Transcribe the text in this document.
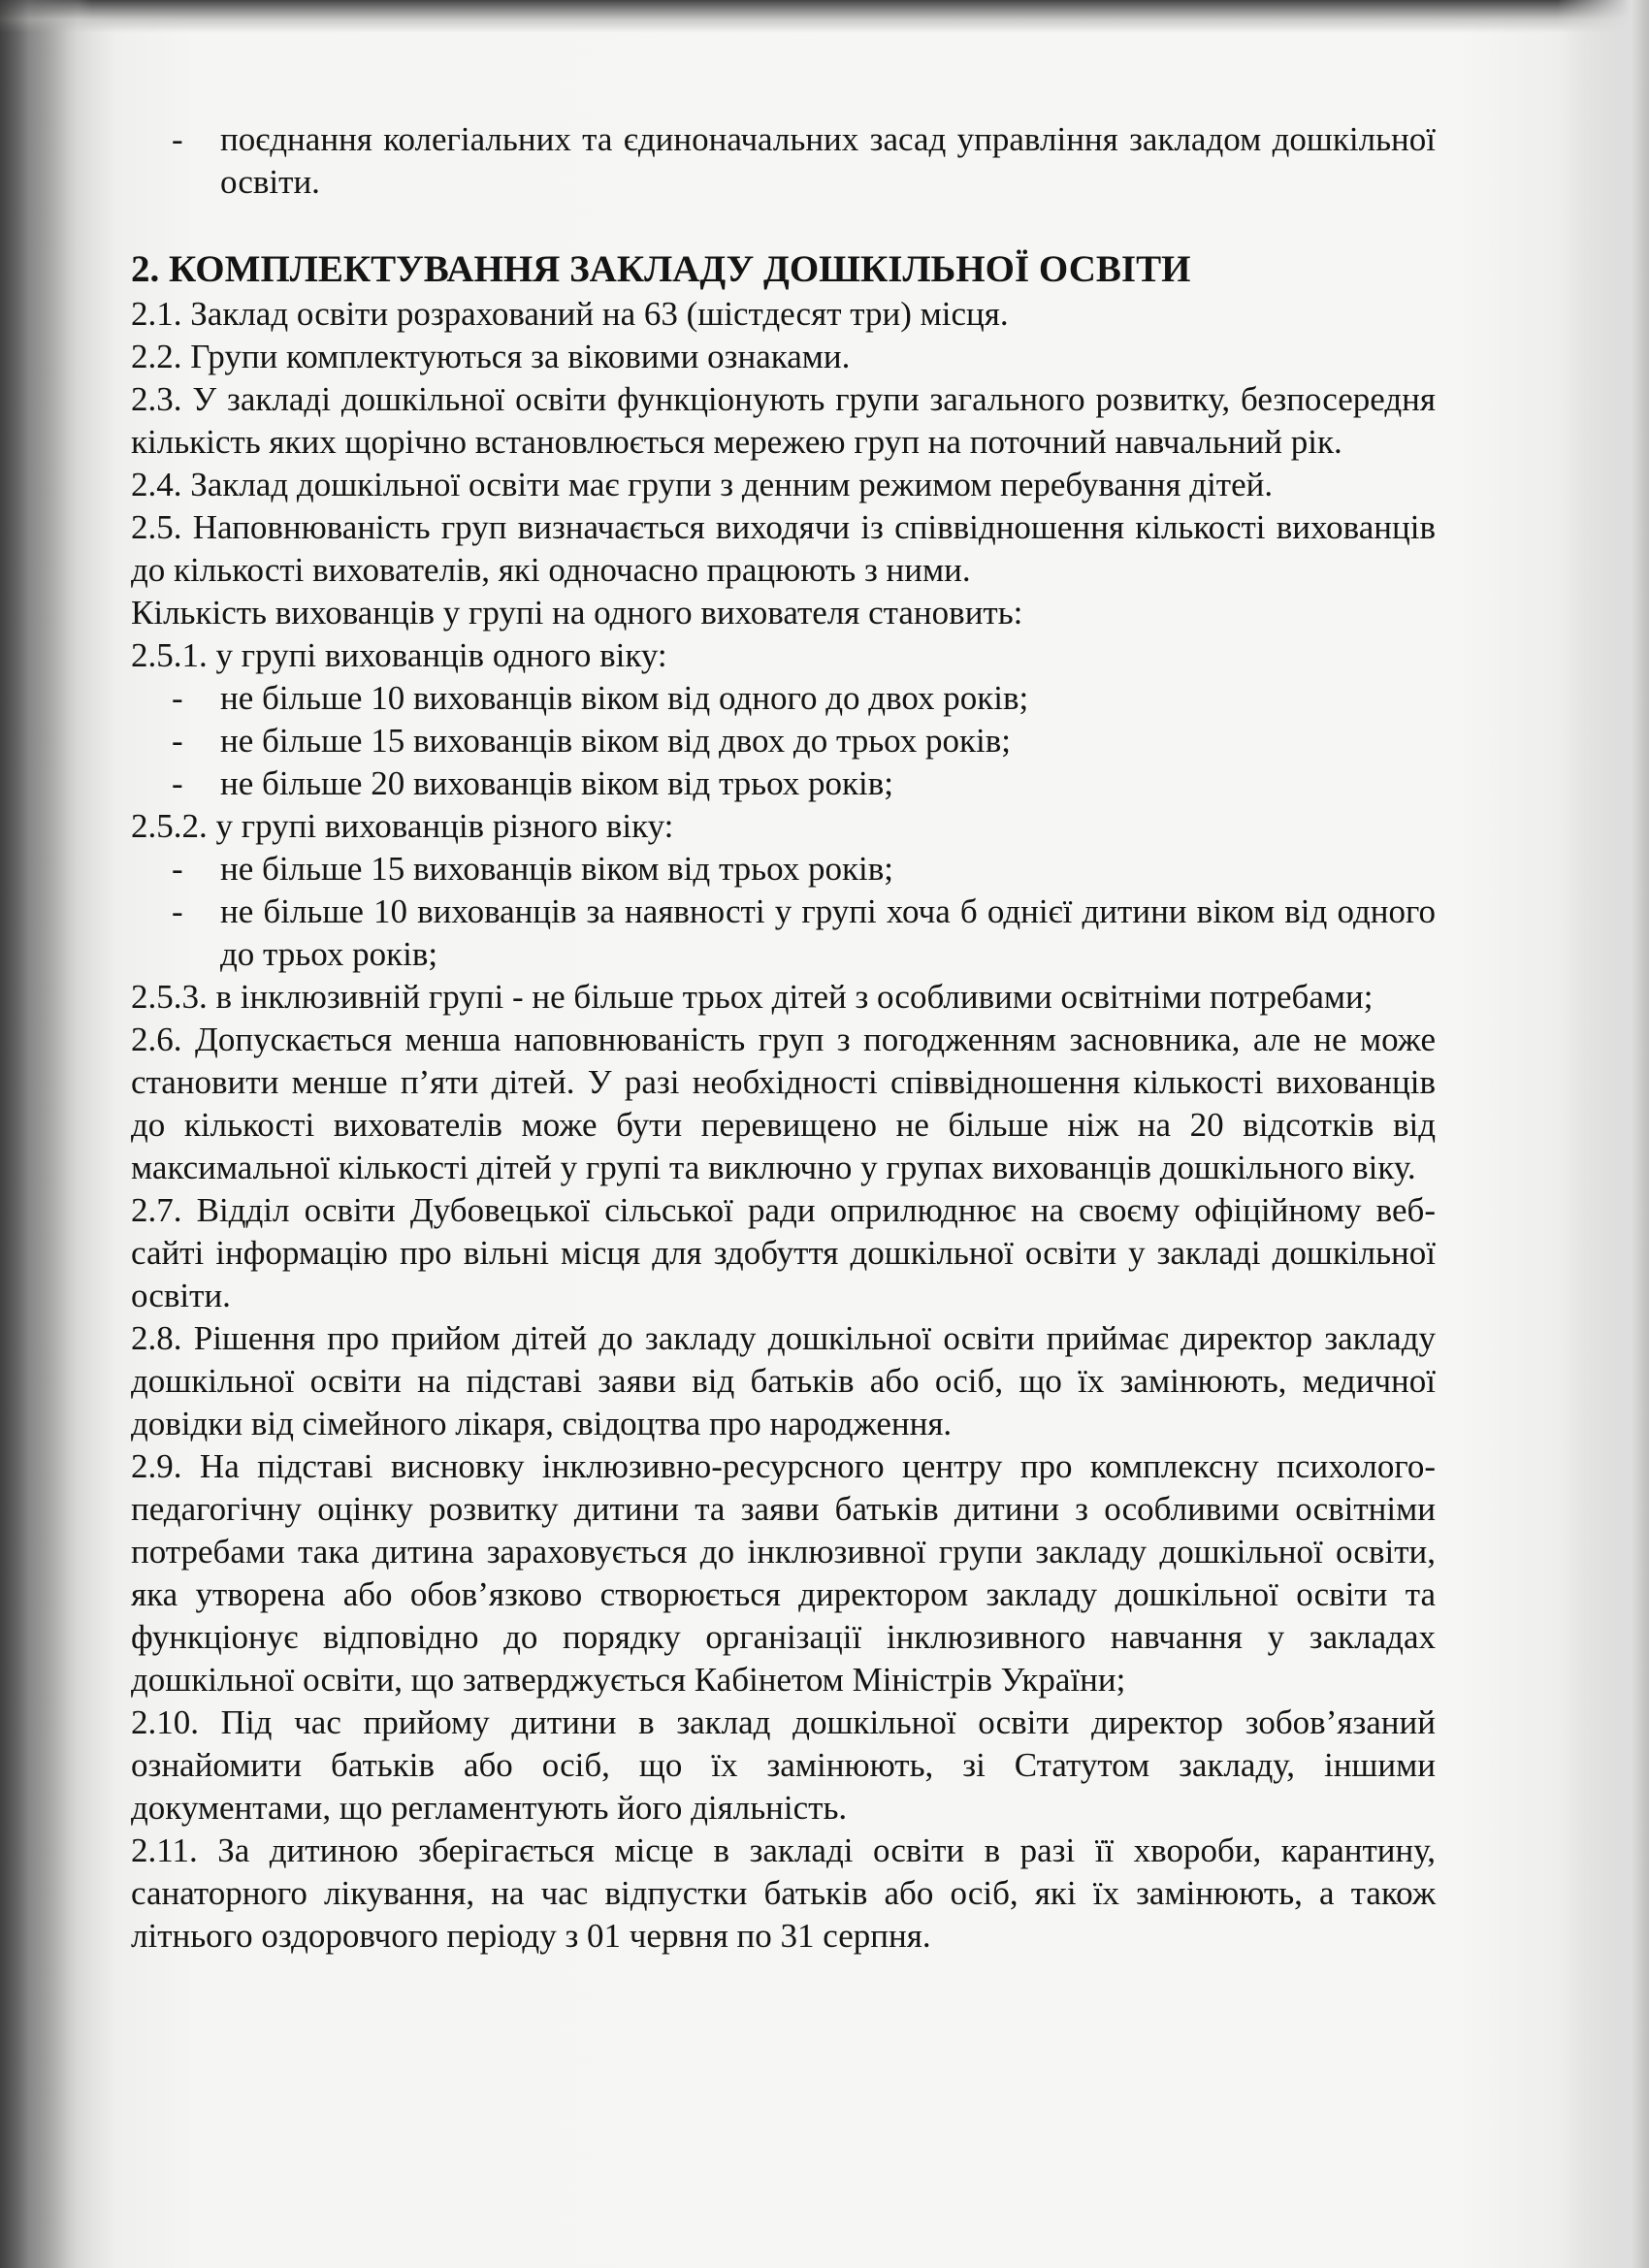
- поєднання колегіальних та єдиноначальних засад управління закладом дошкільної освіти.

2. КОМПЛЕКТУВАННЯ ЗАКЛАДУ ДОШКІЛЬНОЇ ОСВІТИ

2.1. Заклад освіти розрахований на 63 (шістдесят три) місця.

2.2. Групи комплектуються за віковими ознаками.

2.3. У закладі дошкільної освіти функціонують групи загального розвитку, безпосередня кількість яких щорічно встановлюється мережею груп на поточний навчальний рік.

2.4. Заклад дошкільної освіти має групи з денним режимом перебування дітей.

2.5. Наповнюваність груп визначається виходячи із співвідношення кількості вихованців до кількості вихователів, які одночасно працюють з ними.

Кількість вихованців у групі на одного вихователя становить:

2.5.1. у групі вихованців одного віку:

- не більше 10 вихованців віком від одного до двох років;

- не більше 15 вихованців віком від двох до трьох років;

- не більше 20 вихованців віком від трьох років;

2.5.2. у групі вихованців різного віку:

- не більше 15 вихованців віком від трьох років;

- не більше 10 вихованців за наявності у групі хоча б однієї дитини віком від одного до трьох років;

2.5.3. в інклюзивній групі - не більше трьох дітей з особливими освітніми потребами;

2.6. Допускається менша наповнюваність груп з погодженням засновника, але не може становити менше п’яти дітей. У разі необхідності співвідношення кількості вихованців до кількості вихователів може бути перевищено не більше ніж на 20 відсотків від максимальної кількості дітей у групі та виключно у групах вихованців дошкільного віку.

2.7. Відділ освіти Дубовецької сільської ради оприлюднює на своєму офіційному веб-сайті інформацію про вільні місця для здобуття дошкільної освіти у закладі дошкільної освіти.

2.8. Рішення про прийом дітей до закладу дошкільної освіти приймає директор закладу дошкільної освіти на підставі заяви від батьків або осіб, що їх замінюють, медичної довідки від сімейного лікаря, свідоцтва про народження.

2.9. На підставі висновку інклюзивно-ресурсного центру про комплексну психолого-педагогічну оцінку розвитку дитини та заяви батьків дитини з особливими освітніми потребами така дитина зараховується до інклюзивної групи закладу дошкільної освіти, яка утворена або обов’язково створюється директором закладу дошкільної освіти та функціонує відповідно до порядку організації інклюзивного навчання у закладах дошкільної освіти, що затверджується Кабінетом Міністрів України;

2.10. Під час прийому дитини в заклад дошкільної освіти директор зобов’язаний ознайомити батьків або осіб, що їх замінюють, зі Статутом закладу, іншими документами, що регламентують його діяльність.

2.11. За дитиною зберігається місце в закладі освіти в разі її хвороби, карантину, санаторного лікування, на час відпустки батьків або осіб, які їх замінюють, а також літнього оздоровчого періоду з 01 червня по 31 серпня.
